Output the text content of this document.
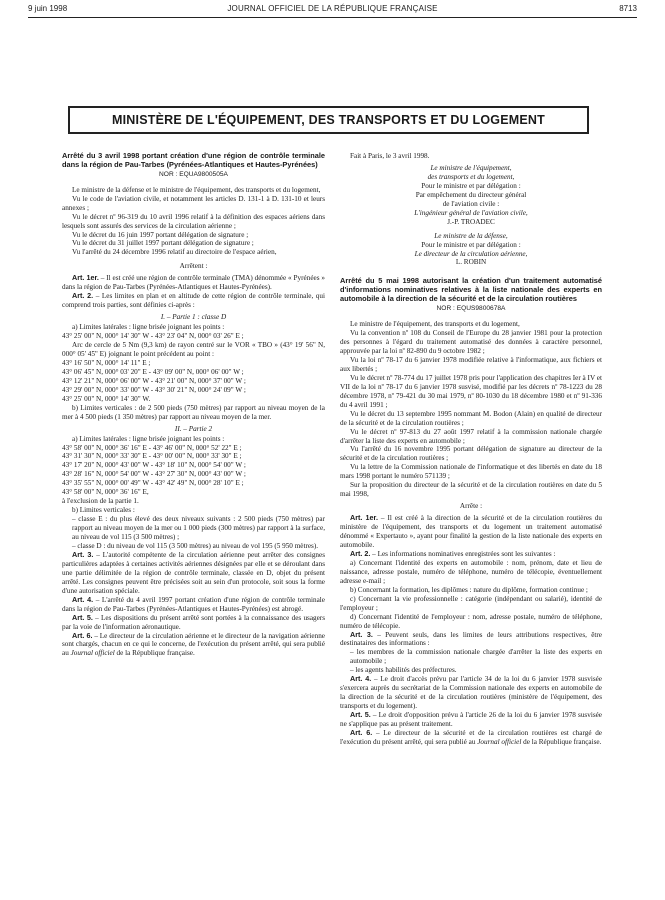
9 juin 1998	JOURNAL OFFICIEL DE LA RÉPUBLIQUE FRANÇAISE	8713
MINISTÈRE DE L'ÉQUIPEMENT, DES TRANSPORTS ET DU LOGEMENT

Arrêté du 3 avril 1998 portant création d'une région de contrôle terminale dans la région de Pau-Tarbes (Pyrénées-Atlantiques et Hautes-Pyrénées)

NOR : EQUA9800505A

Le ministre de la défense et le ministre de l'équipement, des transports et du logement,

Vu le code de l'aviation civile, et notamment les articles D. 131-1 à D. 131-10 et leurs annexes ;

Vu le décret nº 96-319 du 10 avril 1996 relatif à la définition des espaces aériens dans lesquels sont assurés des services de la circulation aérienne ;

Vu le décret du 16 juin 1997 portant délégation de signature ;

Vu le décret du 31 juillet 1997 portant délégation de signature ;

Vu l'arrêté du 24 décembre 1996 relatif au directoire de l'espace aérien,

Arrêtent :

Art. 1er. – Il est créé une région de contrôle terminale (TMA) dénommée « Pyrénées » dans la région de Pau-Tarbes (Pyrénées-Atlantiques et Hautes-Pyrénées).

Art. 2. – Les limites en plan et en altitude de cette région de contrôle terminale, qui comprend trois parties, sont définies ci-après :

I. – Partie 1 : classe D

a) Limites latérales : ligne brisée joignant les points :

43° 25' 00" N, 000° 14' 30" W - 43° 23' 04" N, 000° 03' 26" E ;

Arc de cercle de 5 Nm (9,3 km) de rayon centré sur le VOR « TBO » (43° 19' 56" N, 000° 05' 45" E) joignant le point précédent au point :

43° 16' 50" N, 000° 14' 11" E ;

43° 06' 45" N, 000° 03' 20" E - 43° 09' 00" N, 000° 06' 00" W ;

43° 12' 21" N, 000° 06' 00" W - 43° 21' 00" N, 000° 37' 00" W ;

43° 29' 00" N, 000° 33' 00" W - 43° 30' 21" N, 000° 24' 09" W ;

43° 25' 00" N, 000° 14' 30" W.

b) Limites verticales : de 2 500 pieds (750 mètres) par rapport au niveau moyen de la mer à 4 500 pieds (1 350 mètres) par rapport au niveau moyen de la mer.

II. – Partie 2

a) Limites latérales : ligne brisée joignant les points :

43° 58' 00" N, 000° 36' 16" E - 43° 46' 00" N, 000° 52' 22" E ;

43° 31' 30" N, 000° 33' 30" E - 43° 00' 00" N, 000° 33' 30" E ;

43° 17' 20" N, 000° 43' 00" W - 43° 18' 10" N, 000° 54' 00" W ;

43° 28' 16" N, 000° 54' 00" W - 43° 27' 30" N, 000° 43' 00" W ;

43° 35' 55" N, 000° 00' 49" W - 43° 42' 49" N, 000° 28' 10" E ;

43° 58' 00" N, 000° 36' 16" E,

à l'exclusion de la partie 1.

b) Limites verticales :

– classe E : du plus élevé des deux niveaux suivants : 2 500 pieds (750 mètres) par rapport au niveau moyen de la mer ou 1 000 pieds (300 mètres) par rapport à la surface, au niveau de vol 115 (3 500 mètres) ;

– classe D : du niveau de vol 115 (3 500 mètres) au niveau de vol 195 (5 950 mètres).

Art. 3. – L'autorité compétente de la circulation aérienne peut arrêter des consignes particulières adaptées à certaines activités aériennes désignées par elle et se déroulant dans une partie délimitée de la région de contrôle terminale, classée en D, objet du présent arrêté. Les consignes peuvent être précisées soit au sein d'un protocole, soit sous la forme d'une autorisation spéciale.

Art. 4. – L'arrêté du 4 avril 1997 portant création d'une région de contrôle terminale dans la région de Pau-Tarbes (Pyrénées-Atlantiques et Hautes-Pyrénées) est abrogé.

Art. 5. – Les dispositions du présent arrêté sont portées à la connaissance des usagers par la voie de l'information aéronautique.

Art. 6. – Le directeur de la circulation aérienne et le directeur de la navigation aérienne sont chargés, chacun en ce qui le concerne, de l'exécution du présent arrêté, qui sera publié au Journal officiel de la République française.

Fait à Paris, le 3 avril 1998.

Le ministre de l'équipement,

des transports et du logement,

Pour le ministre et par délégation :

Par empêchement du directeur général

de l'aviation civile :

L'ingénieur général de l'aviation civile,

J.-P. TROADEC

Le ministre de la défense,

Pour le ministre et par délégation :

Le directeur de la circulation aérienne,

L. ROBIN

Arrêté du 5 mai 1998 autorisant la création d'un traitement automatisé d'informations nominatives relatives à la liste nationale des experts en automobile à la direction de la sécurité et de la circulation routières

NOR : EQUS9800678A

Le ministre de l'équipement, des transports et du logement,

Vu la convention nº 108 du Conseil de l'Europe du 28 janvier 1981 pour la protection des personnes à l'égard du traitement automatisé des données à caractère personnel, approuvée par la loi nº 82-890 du 9 octobre 1982 ;

Vu la loi nº 78-17 du 6 janvier 1978 modifiée relative à l'informatique, aux fichiers et aux libertés ;

Vu le décret nº 78-774 du 17 juillet 1978 pris pour l'application des chapitres Ier à IV et VII de la loi nº 78-17 du 6 janvier 1978 susvisé, modifié par les décrets nº 78-1223 du 28 décembre 1978, nº 79-421 du 30 mai 1979, nº 80-1030 du 18 décembre 1980 et nº 91-336 du 4 avril 1991 ;

Vu le décret du 13 septembre 1995 nommant M. Bodon (Alain) en qualité de directeur de la sécurité et de la circulation routières ;

Vu le décret nº 97-813 du 27 août 1997 relatif à la commission nationale chargée d'arrêter la liste des experts en automobile ;

Vu l'arrêté du 16 novembre 1995 portant délégation de signature au directeur de la sécurité et de la circulation routières ;

Vu la lettre de la Commission nationale de l'informatique et des libertés en date du 18 mars 1998 portant le numéro 571139 ;

Sur la proposition du directeur de la sécurité et de la circulation routières en date du 5 mai 1998,

Arrête :

Art. 1er. – Il est créé à la direction de la sécurité et de la circulation routières du ministère de l'équipement, des transports et du logement un traitement automatisé dénommé « Expertauto », ayant pour finalité la gestion de la liste nationale des experts en automobile.

Art. 2. – Les informations nominatives enregistrées sont les suivantes :

a) Concernant l'identité des experts en automobile : nom, prénom, date et lieu de naissance, adresse postale, numéro de téléphone, numéro de télécopie, éventuellement adresse e-mail ;

b) Concernant la formation, les diplômes : nature du diplôme, formation continue ;

c) Concernant la vie professionnelle : catégorie (indépendant ou salarié), identité de l'employeur ;

d) Concernant l'identité de l'employeur : nom, adresse postale, numéro de téléphone, numéro de télécopie.

Art. 3. – Peuvent seuls, dans les limites de leurs attributions respectives, être destinataires des informations :

– les membres de la commission nationale chargée d'arrêter la liste des experts en automobile ;

– les agents habilités des préfectures.

Art. 4. – Le droit d'accès prévu par l'article 34 de la loi du 6 janvier 1978 susvisée s'exercera auprès du secrétariat de la Commission nationale des experts en automobile de la direction de la sécurité et de la circulation routières (ministère de l'équipement, des transports et du logement).

Art. 5. – Le droit d'opposition prévu à l'article 26 de la loi du 6 janvier 1978 susvisée ne s'applique pas au présent traitement.

Art. 6. – Le directeur de la sécurité et de la circulation routières est chargé de l'exécution du présent arrêté, qui sera publié au Journal officiel de la République française.
